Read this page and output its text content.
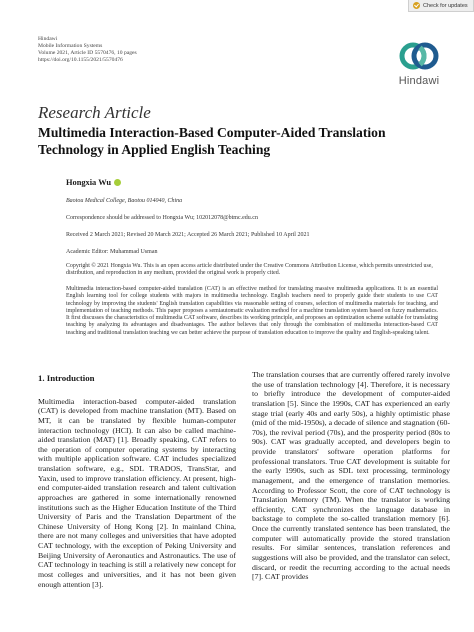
Check for updates
Hindawi
Mobile Information Systems
Volume 2021, Article ID 5570476, 10 pages
https://doi.org/10.1155/2021/5570476
Hindawi
Research Article
Multimedia Interaction-Based Computer-Aided Translation Technology in Applied English Teaching
Hongxia Wu
Baotou Medical College, Baotou 014040, China
Correspondence should be addressed to Hongxia Wu; 102012078@btmc.edu.cn
Received 2 March 2021; Revised 20 March 2021; Accepted 26 March 2021; Published 10 April 2021
Academic Editor: Muhammad Usman
Copyright © 2021 Hongxia Wu. This is an open access article distributed under the Creative Commons Attribution License, which permits unrestricted use, distribution, and reproduction in any medium, provided the original work is properly cited.
Multimedia interaction-based computer-aided translation (CAT) is an effective method for translating massive multimedia applications. It is an essential English learning tool for college students with majors in multimedia technology. English teachers need to properly guide their students to use CAT technology by improving the students' English translation capabilities via reasonable setting of courses, selection of multimedia materials for teaching, and implementation of teaching methods. This paper proposes a semiautomatic evaluation method for a machine translation system based on fuzzy mathematics. It first discusses the characteristics of multimedia CAT software, describes its working principle, and proposes an optimization scheme suitable for translating teaching by analyzing its advantages and disadvantages. The author believes that only through the combination of multimedia interaction-based CAT teaching and traditional translation teaching we can better achieve the purpose of translation education to improve the quality and English-speaking talent.
1. Introduction
Multimedia interaction-based computer-aided translation (CAT) is developed from machine translation (MT). Based on MT, it can be translated by flexible human-computer interaction technology (HCI). It can also be called machine-aided translation (MAT) [1]. Broadly speaking, CAT refers to the operation of computer operating systems by interacting with multiple application software. CAT includes specialized translation software, e.g., SDL TRADOS, TransStar, and Yaxin, used to improve translation efficiency. At present, high-end computer-aided translation research and talent cultivation approaches are gathered in some internationally renowned institutions such as the Higher Education Institute of the Third University of Paris and the Translation Department of the Chinese University of Hong Kong [2]. In mainland China, there are not many colleges and universities that have adopted CAT technology, with the exception of Peking University and Beijing University of Aeronautics and Astronautics. The use of CAT technology in teaching is still a relatively new concept for most colleges and universities, and it has not been given enough attention [3].
The translation courses that are currently offered rarely involve the use of translation technology [4]. Therefore, it is necessary to briefly introduce the development of computer-aided translation [5]. Since the 1990s, CAT has experienced an early stage trial (early 40s and early 50s), a highly optimistic phase (mid of the mid-1950s), a decade of silence and stagnation (60-70s), the revival period (70s), and the prosperity period (80s to 90s). CAT was gradually accepted, and developers begin to provide translators' software operation platforms for professional translators. True CAT development is suitable for the early 1990s, such as SDL text processing, terminology management, and the emergence of translation memories. According to Professor Scott, the core of CAT technology is Translation Memory (TM). When the translator is working efficiently, CAT synchronizes the language database in backstage to complete the so-called translation memory [6]. Once the currently translated sentence has been translated, the computer will automatically provide the stored translation results. For similar sentences, translation references and suggestions will also be provided, and the translator can select, discard, or reedit the recurring according to the actual needs [7]. CAT provides
